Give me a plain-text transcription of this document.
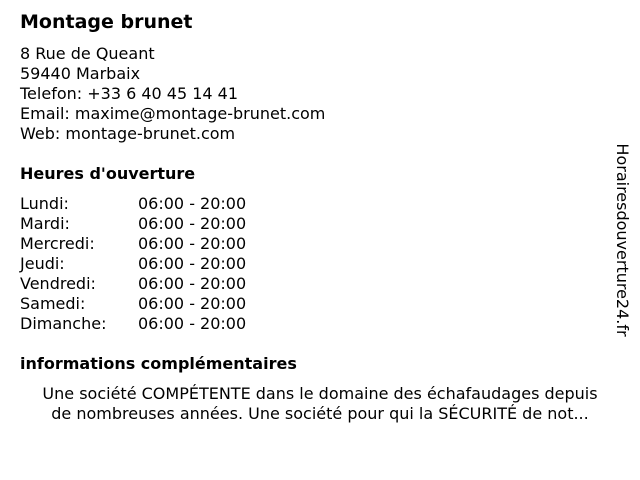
Montage brunet
8 Rue de Queant
59440 Marbaix
Telefon: +33 6 40 45 14 41
Email: maxime@montage-brunet.com
Web: montage-brunet.com
Heures d'ouverture
Lundi:	06:00 - 20:00
Mardi:	06:00 - 20:00
Mercredi:	06:00 - 20:00
Jeudi:	06:00 - 20:00
Vendredi:	06:00 - 20:00
Samedi:	06:00 - 20:00
Dimanche: 06:00 - 20:00
informations complémentaires
Une société COMPÉTENTE dans le domaine des échafaudages depuis
de nombreuses années. Une société pour qui la SÉCURITÉ de not...
Horairesdouverture24.fr
